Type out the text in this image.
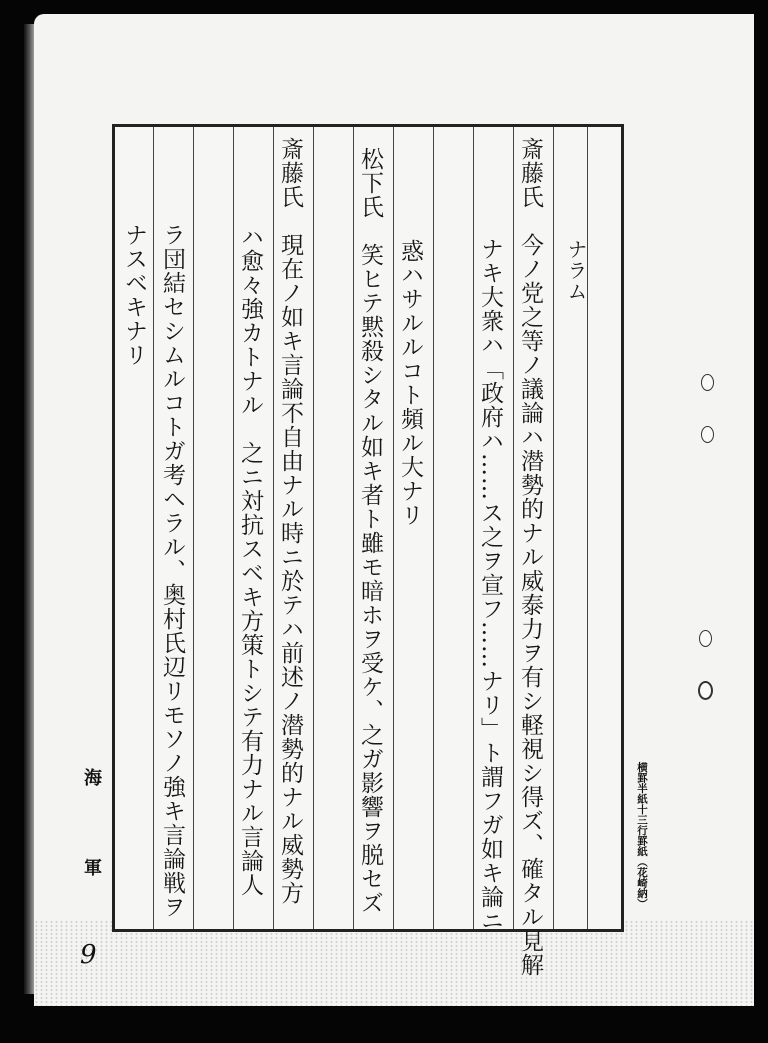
ナラム
斎藤氏　今ノ党之等ノ議論ハ潜勢的ナル威泰力ヲ有シ軽視シ得ズ、確タル見解
ナキ大衆ハ「政府ハ……ス之ヲ宣フ……ナリ」ト謂フガ如キ論ニ
惑ハサルルコト頻ル大ナリ
松下氏　笑ヒテ黙殺シタル如キ者ト雖モ暗ホヲ受ケ、之ガ影響ヲ脱セズ
斎藤氏　現在ノ如キ言論不自由ナル時ニ於テハ前述ノ潜勢的ナル威勢方
ハ愈々強カトナル　之ニ対抗スベキ方策トシテ有力ナル言論人
ラ団結セシムルコトガ考ヘラル、奥村氏辺リモソノ強キ言論戦ヲ
ナスベキナリ
海
軍	横罫半紙十三行罫紙（花崎納）
9
